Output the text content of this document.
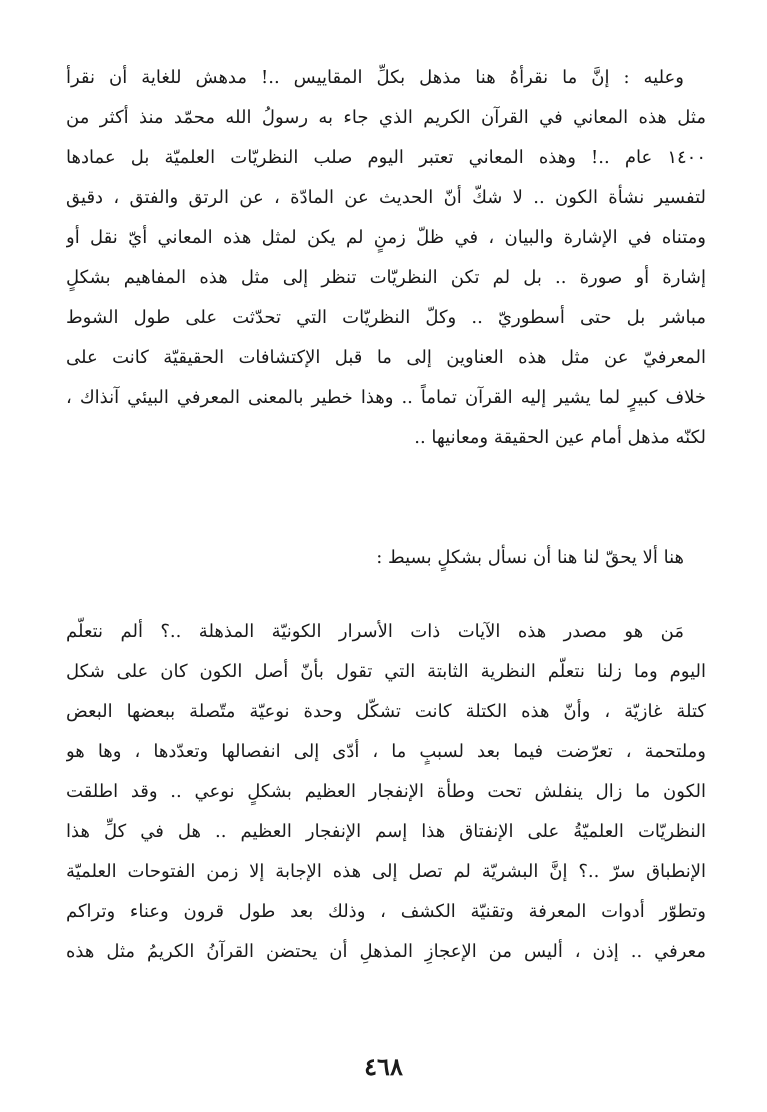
وعليه : إنَّ ما نقرأهُ هنا مذهل بكلِّ المقاييس ..! مدهش للغاية أن نقرأ
مثل هذه المعاني في القرآن الكريم الذي جاء به رسولُ الله محمّد منذ أكثر من
١٤٠٠ عام ..! وهذه المعاني تعتبر اليوم صلب النظريّات العلميّة بل عمادها
لتفسير نشأة الكون .. لا شكّ أنّ الحديث عن المادّة ، عن الرتق والفتق ، دقيق
ومتناه في الإشارة والبيان ، في ظلّ زمنٍ لم يكن لمثل هذه المعاني أيّ نقل أو
إشارة أو صورة .. بل لم تكن النظريّات تنظر إلى مثل هذه المفاهيم بشكلٍ
مباشر بل حتى أسطوريّ .. وكلّ النظريّات التي تحدّثت على طول الشوط
المعرفيّ عن مثل هذه العناوين إلى ما قبل الإكتشافات الحقيقيّة كانت على
خلاف كبيرٍ لما يشير إليه القرآن تماماً .. وهذا خطير بالمعنى المعرفي البيئي آنذاك ،
لكنّه مذهل أمام عين الحقيقة ومعانيها ..
هنا ألا يحقّ لنا هنا أن نسأل بشكلٍ بسيط :
مَن هو مصدر هذه الآيات ذات الأسرار الكونيّة المذهلة ..؟ ألم نتعلّم
اليوم وما زلنا نتعلّم النظرية الثابتة التي تقول بأنّ أصل الكون كان على شكل
كتلة غازيّة ، وأنّ هذه الكتلة كانت تشكّل وحدة نوعيّة متّصلة ببعضها البعض
وملتحمة ، تعرّضت فيما بعد لسببٍ ما ، أدّى إلى انفصالها وتعدّدها ، وها هو
الكون ما زال ينفلش تحت وطأة الإنفجار العظيم بشكلٍ نوعي .. وقد اطلقت
النظريّات العلميّةُ على الإنفتاق هذا إسم الإنفجار العظيم .. هل في كلِّ هذا
الإنطباق سرّ ..؟ إنَّ البشريّة لم تصل إلى هذه الإجابة إلا زمن الفتوحات العلميّة
وتطوّر أدوات المعرفة وتقنيّة الكشف ، وذلك بعد طول قرون وعناء وتراكم
معرفي .. إذن ، أليس من الإعجازِ المذهلِ أن يحتضن القرآنُ الكريمُ مثل هذه
٤٦٨
